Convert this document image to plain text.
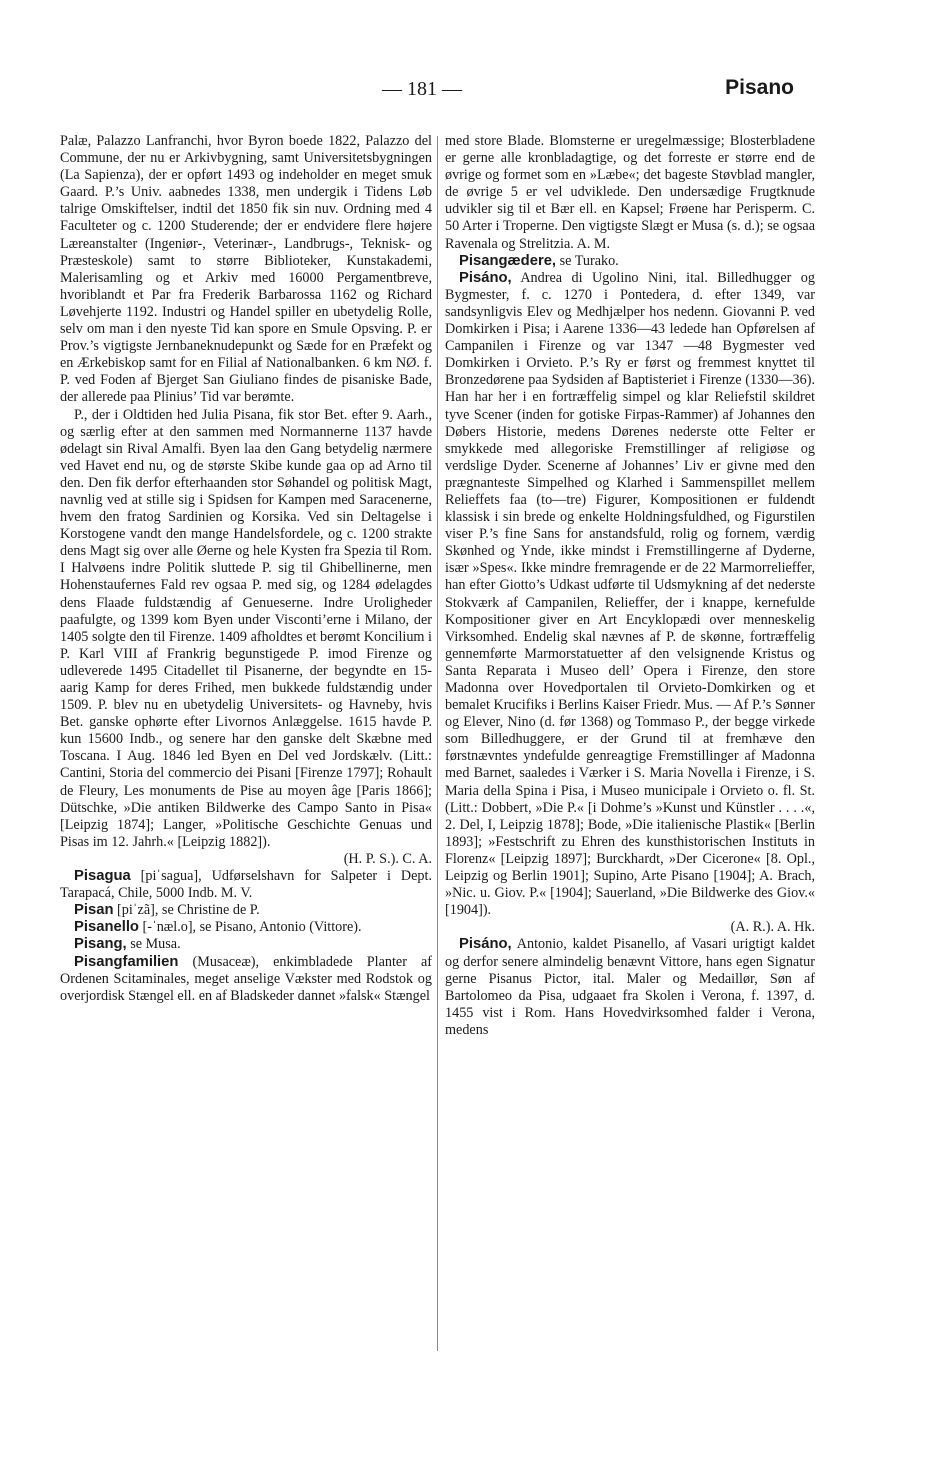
— 181 —	Pisano

Palæ, Palazzo Lanfranchi, hvor Byron boede 1822, Palazzo del Commune, der nu er Arkivbygning, samt Universitetsbygningen (La Sapienza), der er opført 1493 og indeholder en meget smuk Gaard. P.’s Univ. aabnedes 1338, men undergik i Tidens Løb talrige Omskiftelser, indtil det 1850 fik sin nuv. Ordning med 4 Faculteter og c. 1200 Studerende; der er endvidere flere højere Læreanstalter (Ingeniør-, Veterinær-, Landbrugs-, Teknisk- og Præsteskole) samt to større Biblioteker, Kunstakademi, Malerisamling og et Arkiv med 16000 Pergamentbreve, hvoriblandt et Par fra Frederik Barbarossa 1162 og Richard Løvehjerte 1192. Industri og Handel spiller en ubetydelig Rolle, selv om man i den nyeste Tid kan spore en Smule Opsving. P. er Prov.’s vigtigste Jernbaneknudepunkt og Sæde for en Præfekt og en Ærkebiskop samt for en Filial af Nationalbanken. 6 km NØ. f. P. ved Foden af Bjerget San Giuliano findes de pisaniske Bade, der allerede paa Plinius’ Tid var berømte.

P., der i Oldtiden hed Julia Pisana, fik stor Bet. efter 9. Aarh., og særlig efter at den sammen med Normannerne 1137 havde ødelagt sin Rival Amalfi. Byen laa den Gang betydelig nærmere ved Havet end nu, og de største Skibe kunde gaa op ad Arno til den. Den fik derfor efterhaanden stor Søhandel og politisk Magt, navnlig ved at stille sig i Spidsen for Kampen med Saracenerne, hvem den fratog Sardinien og Korsika. Ved sin Deltagelse i Korstogene vandt den mange Handelsfordele, og c. 1200 strakte dens Magt sig over alle Øerne og hele Kysten fra Spezia til Rom. I Halvøens indre Politik sluttede P. sig til Ghibellinerne, men Hohenstaufernes Fald rev ogsaa P. med sig, og 1284 ødelagdes dens Flaade fuldstændig af Genueserne. Indre Uroligheder paafulgte, og 1399 kom Byen under Visconti’erne i Milano, der 1405 solgte den til Firenze. 1409 afholdtes et berømt Koncilium i P. Karl VIII af Frankrig begunstigede P. imod Firenze og udleverede 1495 Citadellet til Pisanerne, der begyndte en 15-aarig Kamp for deres Frihed, men bukkede fuldstændig under 1509. P. blev nu en ubetydelig Universitets- og Havneby, hvis Bet. ganske ophørte efter Livornos Anlæggelse. 1615 havde P. kun 15600 Indb., og senere har den ganske delt Skæbne med Toscana. I Aug. 1846 led Byen en Del ved Jordskælv. (Litt.: Cantini, Storia del commercio dei Pisani [Firenze 1797]; Rohault de Fleury, Les monuments de Pise au moyen âge [Paris 1866]; Dütschke, »Die antiken Bildwerke des Campo Santo in Pisa« [Leipzig 1874]; Langer, »Politische Geschichte Genuas und Pisas im 12. Jahrh.« [Leipzig 1882]).

(H. P. S.). C. A.

Pisagua [piˈsagua], Udførselshavn for Salpeter i Dept. Tarapacá, Chile, 5000 Indb. M. V.

Pisan [piˈzã], se Christine de P.

Pisanello [-ˈnæl.o], se Pisano, Antonio (Vittore).

Pisang, se Musa.

Pisangfamilien (Musaceæ), enkimbladede Planter af Ordenen Scitaminales, meget anselige Vækster med Rodstok og overjordisk Stængel ell. en af Bladskeder dannet »falsk« Stængel

med store Blade. Blomsterne er uregelmæssige; Blosterbladene er gerne alle kronbladagtige, og det forreste er større end de øvrige og formet som en »Læbe«; det bageste Støvblad mangler, de øvrige 5 er vel udviklede. Den undersædige Frugtknude udvikler sig til et Bær ell. en Kapsel; Frøene har Perisperm. C. 50 Arter i Troperne. Den vigtigste Slægt er Musa (s. d.); se ogsaa Ravenala og Strelitzia. A. M.

Pisangædere, se Turako.

Pisáno, Andrea di Ugolino Nini, ital. Billedhugger og Bygmester, f. c. 1270 i Pontedera, d. efter 1349, var sandsynligvis Elev og Medhjælper hos nedenn. Giovanni P. ved Domkirken i Pisa; i Aarene 1336—43 ledede han Opførelsen af Campanilen i Firenze og var 1347 —48 Bygmester ved Domkirken i Orvieto. P.’s Ry er først og fremmest knyttet til Bronzedørene paa Sydsiden af Baptisteriet i Firenze (1330—36). Han har her i en fortræffelig simpel og klar Reliefstil skildret tyve Scener (inden for gotiske Firpas-Rammer) af Johannes den Døbers Historie, medens Dørenes nederste otte Felter er smykkede med allegoriske Fremstillinger af religiøse og verdslige Dyder. Scenerne af Johannes’ Liv er givne med den prægnanteste Simpelhed og Klarhed i Sammenspillet mellem Relieffets faa (to—tre) Figurer, Kompositionen er fuldendt klassisk i sin brede og enkelte Holdningsfuldhed, og Figurstilen viser P.’s fine Sans for anstandsfuld, rolig og fornem, værdig Skønhed og Ynde, ikke mindst i Fremstillingerne af Dyderne, især »Spes«. Ikke mindre fremragende er de 22 Marmorrelieffer, han efter Giotto’s Udkast udførte til Udsmykning af det nederste Stokværk af Campanilen, Relieffer, der i knappe, kernefulde Kompositioner giver en Art Encyklopædi over menneskelig Virksomhed. Endelig skal nævnes af P. de skønne, fortræffelig gennemførte Marmorstatuetter af den velsignende Kristus og Santa Reparata i Museo dell’ Opera i Firenze, den store Madonna over Hovedportalen til Orvieto-Domkirken og et bemalet Krucifiks i Berlins Kaiser Friedr. Mus. — Af P.’s Sønner og Elever, Nino (d. før 1368) og Tommaso P., der begge virkede som Billedhuggere, er der Grund til at fremhæve den førstnævntes yndefulde genreagtige Fremstillinger af Madonna med Barnet, saaledes i Værker i S. Maria Novella i Firenze, i S. Maria della Spina i Pisa, i Museo municipale i Orvieto o. fl. St. (Litt.: Dobbert, »Die P.« [i Dohme’s »Kunst und Künstler . . . .«, 2. Del, I, Leipzig 1878]; Bode, »Die italienische Plastik« [Berlin 1893]; »Festschrift zu Ehren des kunsthistorischen Instituts in Florenz« [Leipzig 1897]; Burckhardt, »Der Cicerone« [8. Opl., Leipzig og Berlin 1901]; Supino, Arte Pisano [1904]; A. Brach, »Nic. u. Giov. P.« [1904]; Sauerland, »Die Bildwerke des Giov.« [1904]).

(A. R.). A. Hk.

Pisáno, Antonio, kaldet Pisanello, af Vasari urigtigt kaldet og derfor senere almindelig benævnt Vittore, hans egen Signatur gerne Pisanus Pictor, ital. Maler og Medaillør, Søn af Bartolomeo da Pisa, udgaaet fra Skolen i Verona, f. 1397, d. 1455 vist i Rom. Hans Hovedvirksomhed falder i Verona, medens
